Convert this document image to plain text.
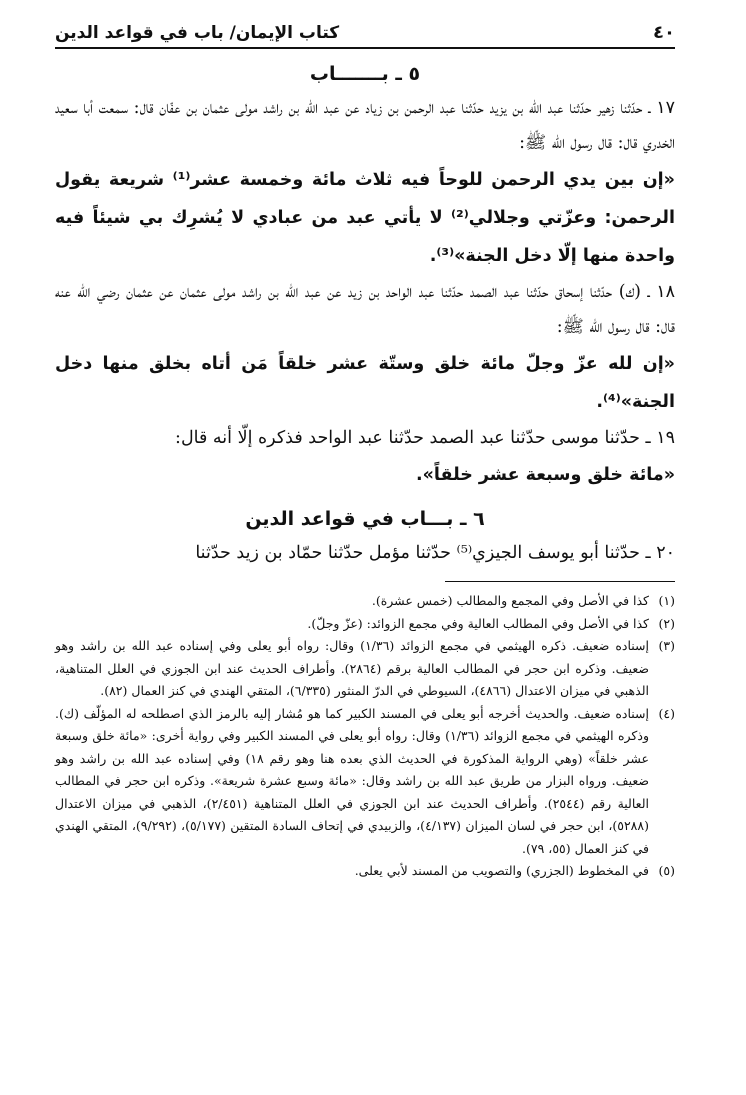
٤٠
كتاب الإيمان/ باب في قواعد الدين
٥ ـ بـــــــاب

١٧ ـ حدّثنا زهير حدّثنا عبد الله بن يزيد حدّثنا عبد الرحمن بن زياد عن عبد الله بن راشد مولى عثمان بن عفّان قال: سمعت أبا سعيد الخدري قال: قال رسول الله ﷺ:

«إن بين يدي الرحمن للوحاً فيه ثلاث مائة وخمسة عشر⁽¹⁾ شريعة يقول الرحمن: وعزّتي وجلالي⁽²⁾ لا يأتي عبد من عبادي لا يُشرِك بي شيئاً فيه واحدة منها إلّا دخل الجنة»⁽³⁾.

١٨ ـ (ك) حدّثنا إسحاق حدّثنا عبد الصمد حدّثنا عبد الواحد بن زيد عن عبد الله بن راشد مولى عثمان عن عثمان رضي الله عنه قال: قال رسول الله ﷺ:

«إن لله عزّ وجلّ مائة خلق وستّة عشر خلقاً مَن أتاه بخلق منها دخل الجنة»⁽⁴⁾.

١٩ ـ حدّثنا موسى حدّثنا عبد الصمد حدّثنا عبد الواحد فذكره إلّا أنه قال:

«مائة خلق وسبعة عشر خلقاً».

٦ ـ بـــاب في قواعد الدين

٢٠ ـ حدّثنا أبو يوسف الجيزي⁽⁵⁾ حدّثنا مؤمل حدّثنا حمّاد بن زيد حدّثنا

(١)
كذا في الأصل وفي المجمع والمطالب (خمس عشرة).
(٢)
كذا في الأصل وفي المطالب العالية وفي مجمع الزوائد: (عزّ وجلّ).
(٣)
إسناده ضعيف. ذكره الهيثمي في مجمع الزوائد (١/٣٦) وقال: رواه أبو يعلى وفي إسناده عبد الله بن راشد وهو ضعيف. وذكره ابن حجر في المطالب العالية برقم (٢٨٦٤). وأطراف الحديث عند ابن الجوزي في العلل المتناهية، الذهبي في ميزان الاعتدال (٤٨٦٦)، السيوطي في الدرّ المنثور (٦/٣٣٥)، المتقي الهندي في كنز العمال (٨٢).
(٤)
إسناده ضعيف. والحديث أخرجه أبو يعلى في المسند الكبير كما هو مُشار إليه بالرمز الذي اصطلحه له المؤلّف (ك). وذكره الهيثمي في مجمع الزوائد (١/٣٦) وقال: رواه أبو يعلى في المسند الكبير وفي رواية أخرى: «مائة خلق وسبعة عشر خلقاً» (وهي الرواية المذكورة في الحديث الذي بعده هنا وهو رقم ١٨) وفي إسناده عبد الله بن راشد وهو ضعيف. ورواه البزار من طريق عبد الله بن راشد وقال: «مائة وسبع عشرة شريعة». وذكره ابن حجر في المطالب العالية رقم (٢٥٤٤). وأطراف الحديث عند ابن الجوزي في العلل المتناهية (٢/٤٥١)، الذهبي في ميزان الاعتدال (٥٢٨٨)، ابن حجر في لسان الميزان (٤/١٣٧)، والزبيدي في إتحاف السادة المتقين (٥/١٧٧)، (٩/٢٩٢)، المتقي الهندي في كنز العمال (٥٥، ٧٩).
(٥)
في المخطوط (الجزري) والتصويب من المسند لأبي يعلى.
